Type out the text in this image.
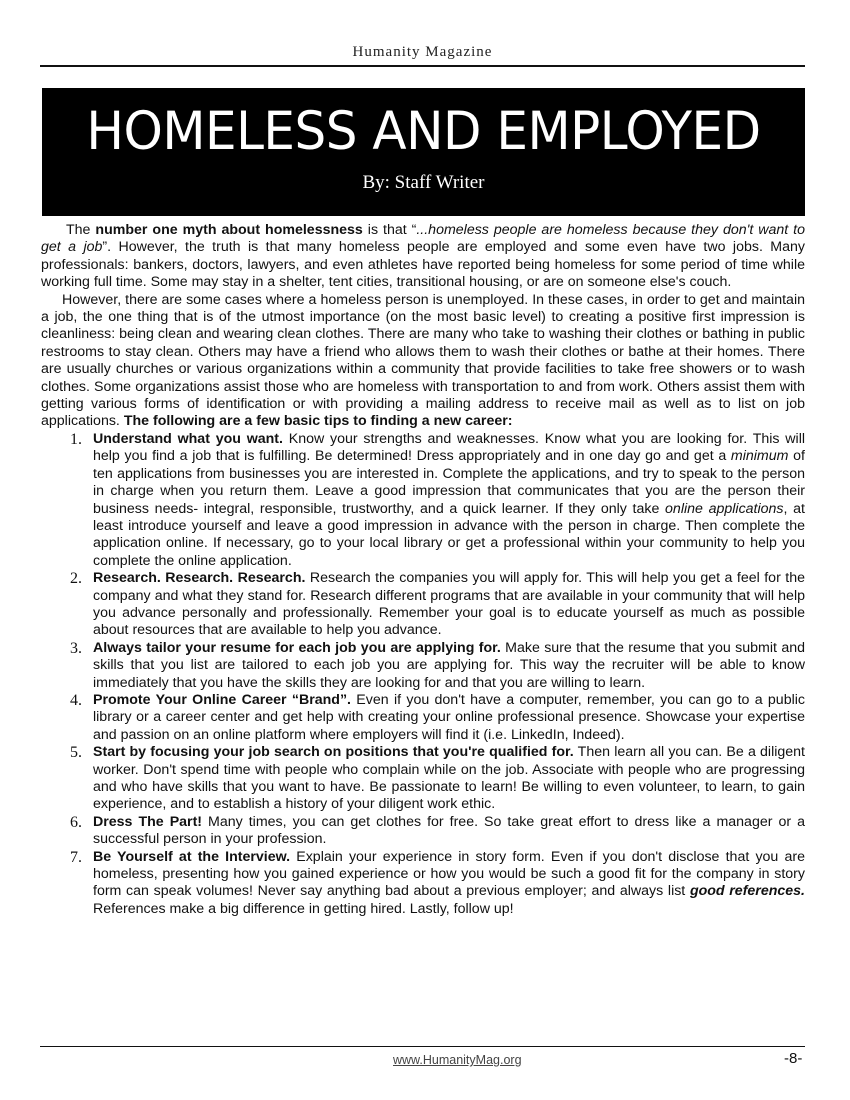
Humanity Magazine
HOMELESS AND EMPLOYED
By: Staff Writer

The number one myth about homelessness is that “...homeless people are homeless because they don't want to get a job”. However, the truth is that many homeless people are employed and some even have two jobs. Many professionals: bankers, doctors, lawyers, and even athletes have reported being homeless for some period of time while working full time. Some may stay in a shelter, tent cities, transitional housing, or are on someone else's couch.

However, there are some cases where a homeless person is unemployed. In these cases, in order to get and maintain a job, the one thing that is of the utmost importance (on the most basic level) to creating a positive first impression is cleanliness: being clean and wearing clean clothes. There are many who take to washing their clothes or bathing in public restrooms to stay clean. Others may have a friend who allows them to wash their clothes or bathe at their homes. There are usually churches or various organizations within a community that provide facilities to take free showers or to wash clothes. Some organizations assist those who are homeless with transportation to and from work. Others assist them with getting various forms of identification or with providing a mailing address to receive mail as well as to list on job applications. The following are a few basic tips to finding a new career:

1. Understand what you want. Know your strengths and weaknesses. Know what you are looking for. This will help you find a job that is fulfilling. Be determined! Dress appropriately and in one day go and get a minimum of ten applications from businesses you are interested in. Complete the applications, and try to speak to the person in charge when you return them. Leave a good impression that communicates that you are the person their business needs- integral, responsible, trustworthy, and a quick learner. If they only take online applications, at least introduce yourself and leave a good impression in advance with the person in charge. Then complete the application online. If necessary, go to your local library or get a professional within your community to help you complete the online application.
2. Research. Research. Research. Research the companies you will apply for. This will help you get a feel for the company and what they stand for. Research different programs that are available in your community that will help you advance personally and professionally. Remember your goal is to educate yourself as much as possible about resources that are available to help you advance.
3. Always tailor your resume for each job you are applying for. Make sure that the resume that you submit and skills that you list are tailored to each job you are applying for. This way the recruiter will be able to know immediately that you have the skills they are looking for and that you are willing to learn.
4. Promote Your Online Career “Brand”. Even if you don't have a computer, remember, you can go to a public library or a career center and get help with creating your online professional presence. Showcase your expertise and passion on an online platform where employers will find it (i.e. LinkedIn, Indeed).
5. Start by focusing your job search on positions that you're qualified for. Then learn all you can. Be a diligent worker. Don't spend time with people who complain while on the job. Associate with people who are progressing and who have skills that you want to have. Be passionate to learn! Be willing to even volunteer, to learn, to gain experience, and to establish a history of your diligent work ethic.
6. Dress The Part! Many times, you can get clothes for free. So take great effort to dress like a manager or a successful person in your profession.
7. Be Yourself at the Interview. Explain your experience in story form. Even if you don't disclose that you are homeless, presenting how you gained experience or how you would be such a good fit for the company in story form can speak volumes! Never say anything bad about a previous employer; and always list good references. References make a big difference in getting hired. Lastly, follow up!
www.HumanityMag.org	-8-
